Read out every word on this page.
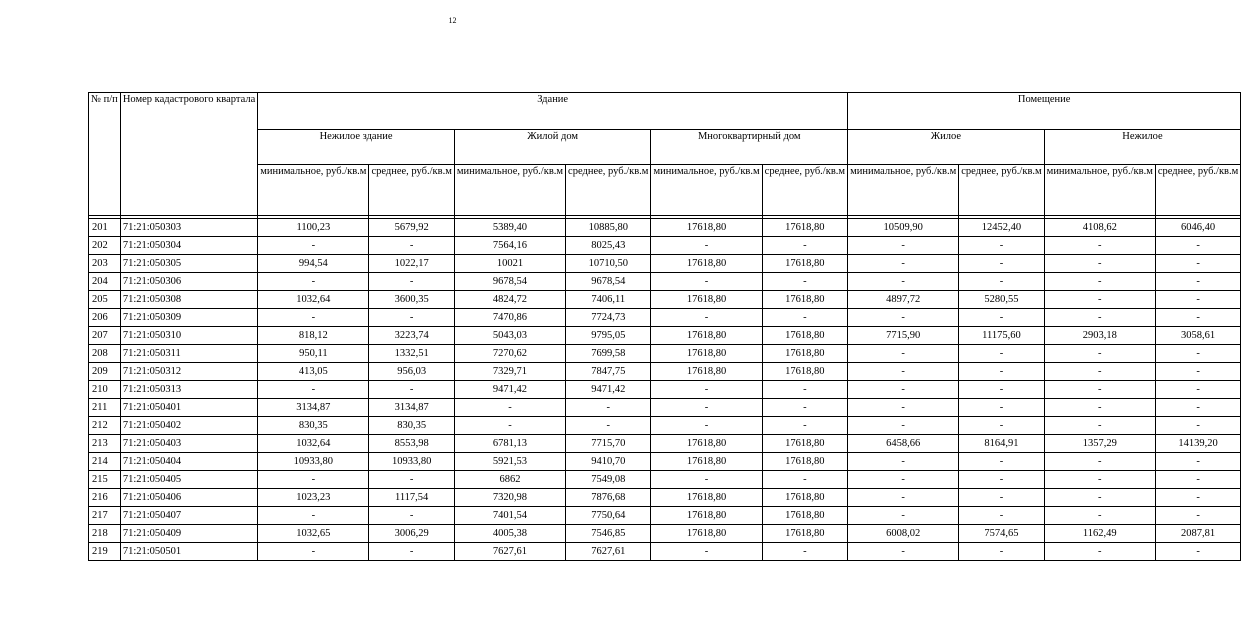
12
№ п/п	Номер кадастрового квартала	Здание						Помещение			
		Нежилое здание		Жилой дом		Многоквартирный дом		Жилое		Нежилое	
		минимальное, руб./кв.м	среднее, руб./кв.м	минимальное, руб./кв.м	среднее, руб./кв.м	минимальное, руб./кв.м	среднее, руб./кв.м	минимальное, руб./кв.м	среднее, руб./кв.м	минимальное, руб./кв.м	среднее, руб./кв.м

201	71:21:050303	1100,23	5679,92	5389,40	10885,80	17618,80	17618,80	10509,90	12452,40	4108,62	6046,40
202	71:21:050304	-	-	7564,16	8025,43	-	-	-	-	-	-
203	71:21:050305	994,54	1022,17	10021	10710,50	17618,80	17618,80	-	-	-	-
204	71:21:050306	-	-	9678,54	9678,54	-	-	-	-	-	-
205	71:21:050308	1032,64	3600,35	4824,72	7406,11	17618,80	17618,80	4897,72	5280,55	-	-
206	71:21:050309	-	-	7470,86	7724,73	-	-	-	-	-	-
207	71:21:050310	818,12	3223,74	5043,03	9795,05	17618,80	17618,80	7715,90	11175,60	2903,18	3058,61
208	71:21:050311	950,11	1332,51	7270,62	7699,58	17618,80	17618,80	-	-	-	-
209	71:21:050312	413,05	956,03	7329,71	7847,75	17618,80	17618,80	-	-	-	-
210	71:21:050313	-	-	9471,42	9471,42	-	-	-	-	-	-
211	71:21:050401	3134,87	3134,87	-	-	-	-	-	-	-	-
212	71:21:050402	830,35	830,35	-	-	-	-	-	-	-	-
213	71:21:050403	1032,64	8553,98	6781,13	7715,70	17618,80	17618,80	6458,66	8164,91	1357,29	14139,20
214	71:21:050404	10933,80	10933,80	5921,53	9410,70	17618,80	17618,80	-	-	-	-
215	71:21:050405	-	-	6862	7549,08	-	-	-	-	-	-
216	71:21:050406	1023,23	1117,54	7320,98	7876,68	17618,80	17618,80	-	-	-	-
217	71:21:050407	-	-	7401,54	7750,64	17618,80	17618,80	-	-	-	-
218	71:21:050409	1032,65	3006,29	4005,38	7546,85	17618,80	17618,80	6008,02	7574,65	1162,49	2087,81
219	71:21:050501	-	-	7627,61	7627,61	-	-	-	-	-	-
